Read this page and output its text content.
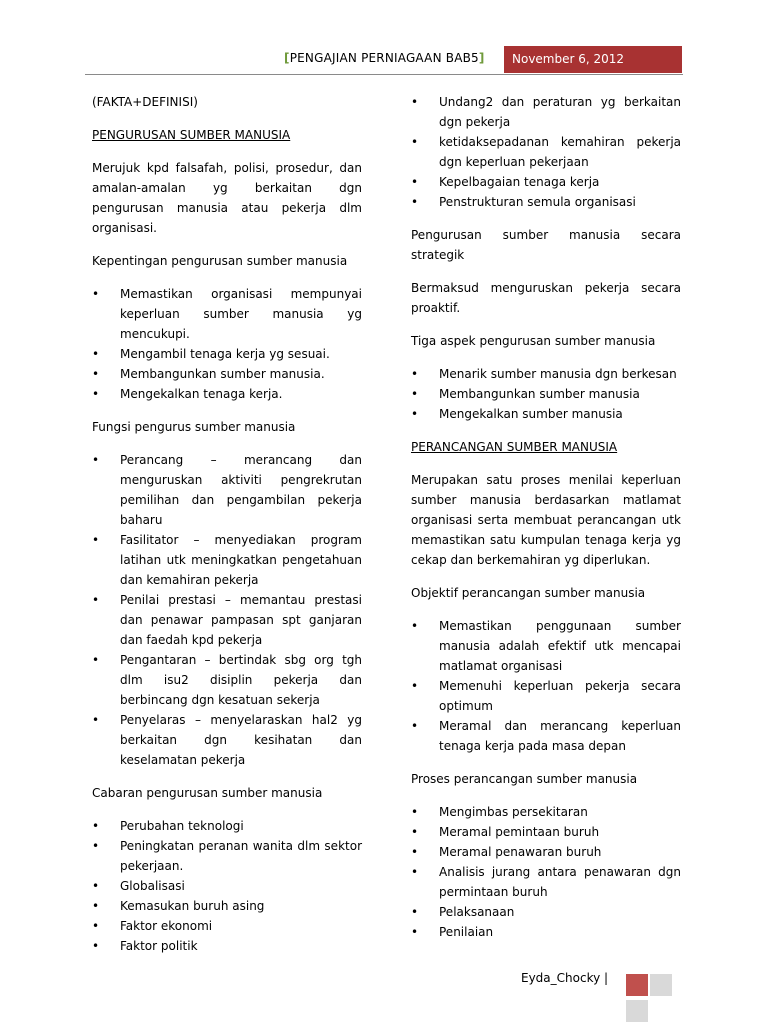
[PENGAJIAN PERNIAGAAN BAB5]	November 6, 2012

(FAKTA+DEFINISI)

PENGURUSAN SUMBER MANUSIA

Merujuk kpd falsafah, polisi, prosedur, dan amalan-amalan yg berkaitan dgn pengurusan manusia atau pekerja dlm organisasi.

Kepentingan pengurusan sumber manusia

• Memastikan organisasi mempunyai keperluan sumber manusia yg mencukupi.
• Mengambil tenaga kerja yg sesuai.
• Membangunkan sumber manusia.
• Mengekalkan tenaga kerja.

Fungsi pengurus sumber manusia

• Perancang – merancang dan menguruskan aktiviti pengrekrutan pemilihan dan pengambilan pekerja baharu
• Fasilitator – menyediakan program latihan utk meningkatkan pengetahuan dan kemahiran pekerja
• Penilai prestasi – memantau prestasi dan penawar pampasan spt ganjaran dan faedah kpd pekerja
• Pengantaran – bertindak sbg org tgh dlm isu2 disiplin pekerja dan berbincang dgn kesatuan sekerja
• Penyelaras – menyelaraskan hal2 yg berkaitan dgn kesihatan dan keselamatan pekerja

Cabaran pengurusan sumber manusia

• Perubahan teknologi
• Peningkatan peranan wanita dlm sektor pekerjaan.
• Globalisasi
• Kemasukan buruh asing
• Faktor ekonomi
• Faktor politik
• Undang2 dan peraturan yg berkaitan dgn pekerja
• ketidaksepadanan kemahiran pekerja dgn keperluan pekerjaan
• Kepelbagaian tenaga kerja
• Penstrukturan semula organisasi

Pengurusan sumber manusia secara strategik

Bermaksud menguruskan pekerja secara proaktif.

Tiga aspek pengurusan sumber manusia

• Menarik sumber manusia dgn berkesan
• Membangunkan sumber manusia
• Mengekalkan sumber manusia

PERANCANGAN SUMBER MANUSIA

Merupakan satu proses menilai keperluan sumber manusia berdasarkan matlamat organisasi serta membuat perancangan utk memastikan satu kumpulan tenaga kerja yg cekap dan berkemahiran yg diperlukan.

Objektif perancangan sumber manusia

• Memastikan penggunaan sumber manusia adalah efektif utk mencapai matlamat organisasi
• Memenuhi keperluan pekerja secara optimum
• Meramal dan merancang keperluan tenaga kerja pada masa depan

Proses perancangan sumber manusia

• Mengimbas persekitaran
• Meramal pemintaan buruh
• Meramal penawaran buruh
• Analisis jurang antara penawaran dgn permintaan buruh
• Pelaksanaan
• Penilaian
Eyda_Chocky |
